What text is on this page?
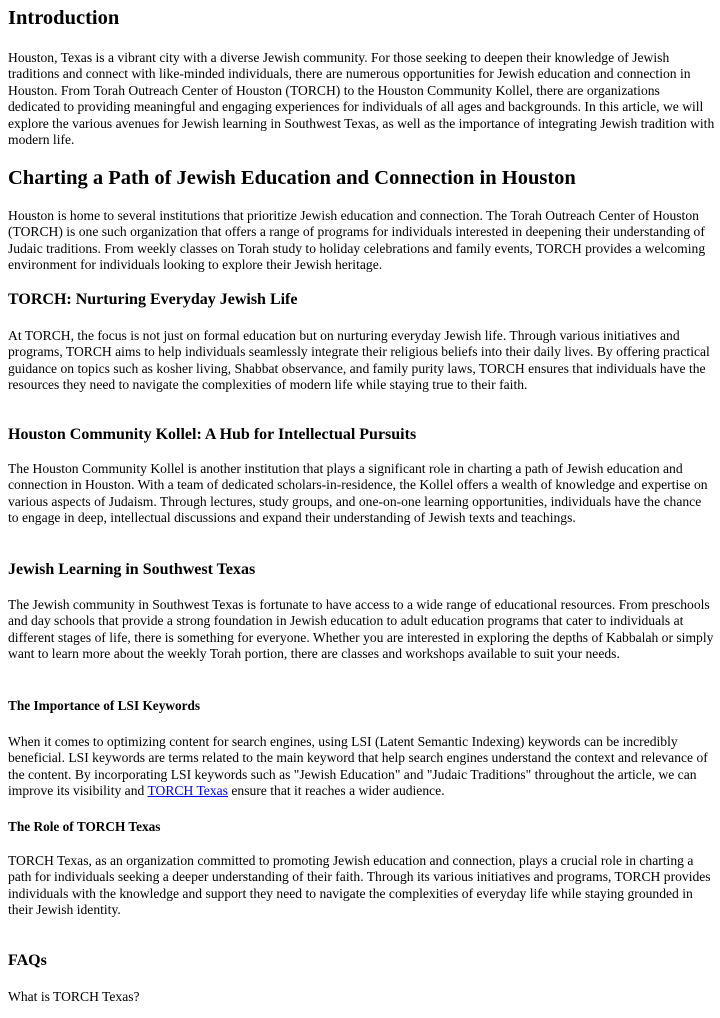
Introduction

Houston, Texas is a vibrant city with a diverse Jewish community. For those seeking to deepen their knowledge of Jewish traditions and connect with like-minded individuals, there are numerous opportunities for Jewish education and connection in Houston. From Torah Outreach Center of Houston (TORCH) to the Houston Community Kollel, there are organizations dedicated to providing meaningful and engaging experiences for individuals of all ages and backgrounds. In this article, we will explore the various avenues for Jewish learning in Southwest Texas, as well as the importance of integrating Jewish tradition with modern life.

Charting a Path of Jewish Education and Connection in Houston

Houston is home to several institutions that prioritize Jewish education and connection. The Torah Outreach Center of Houston (TORCH) is one such organization that offers a range of programs for individuals interested in deepening their understanding of Judaic traditions. From weekly classes on Torah study to holiday celebrations and family events, TORCH provides a welcoming environment for individuals looking to explore their Jewish heritage.

TORCH: Nurturing Everyday Jewish Life

At TORCH, the focus is not just on formal education but on nurturing everyday Jewish life. Through various initiatives and programs, TORCH aims to help individuals seamlessly integrate their religious beliefs into their daily lives. By offering practical guidance on topics such as kosher living, Shabbat observance, and family purity laws, TORCH ensures that individuals have the resources they need to navigate the complexities of modern life while staying true to their faith.

Houston Community Kollel: A Hub for Intellectual Pursuits

The Houston Community Kollel is another institution that plays a significant role in charting a path of Jewish education and connection in Houston. With a team of dedicated scholars-in-residence, the Kollel offers a wealth of knowledge and expertise on various aspects of Judaism. Through lectures, study groups, and one-on-one learning opportunities, individuals have the chance to engage in deep, intellectual discussions and expand their understanding of Jewish texts and teachings.

Jewish Learning in Southwest Texas

The Jewish community in Southwest Texas is fortunate to have access to a wide range of educational resources. From preschools and day schools that provide a strong foundation in Jewish education to adult education programs that cater to individuals at different stages of life, there is something for everyone. Whether you are interested in exploring the depths of Kabbalah or simply want to learn more about the weekly Torah portion, there are classes and workshops available to suit your needs.

The Importance of LSI Keywords

When it comes to optimizing content for search engines, using LSI (Latent Semantic Indexing) keywords can be incredibly beneficial. LSI keywords are terms related to the main keyword that help search engines understand the context and relevance of the content. By incorporating LSI keywords such as "Jewish Education" and "Judaic Traditions" throughout the article, we can improve its visibility and TORCH Texas ensure that it reaches a wider audience.

The Role of TORCH Texas

TORCH Texas, as an organization committed to promoting Jewish education and connection, plays a crucial role in charting a path for individuals seeking a deeper understanding of their faith. Through its various initiatives and programs, TORCH provides individuals with the knowledge and support they need to navigate the complexities of everyday life while staying grounded in their Jewish identity.

FAQs

What is TORCH Texas?
